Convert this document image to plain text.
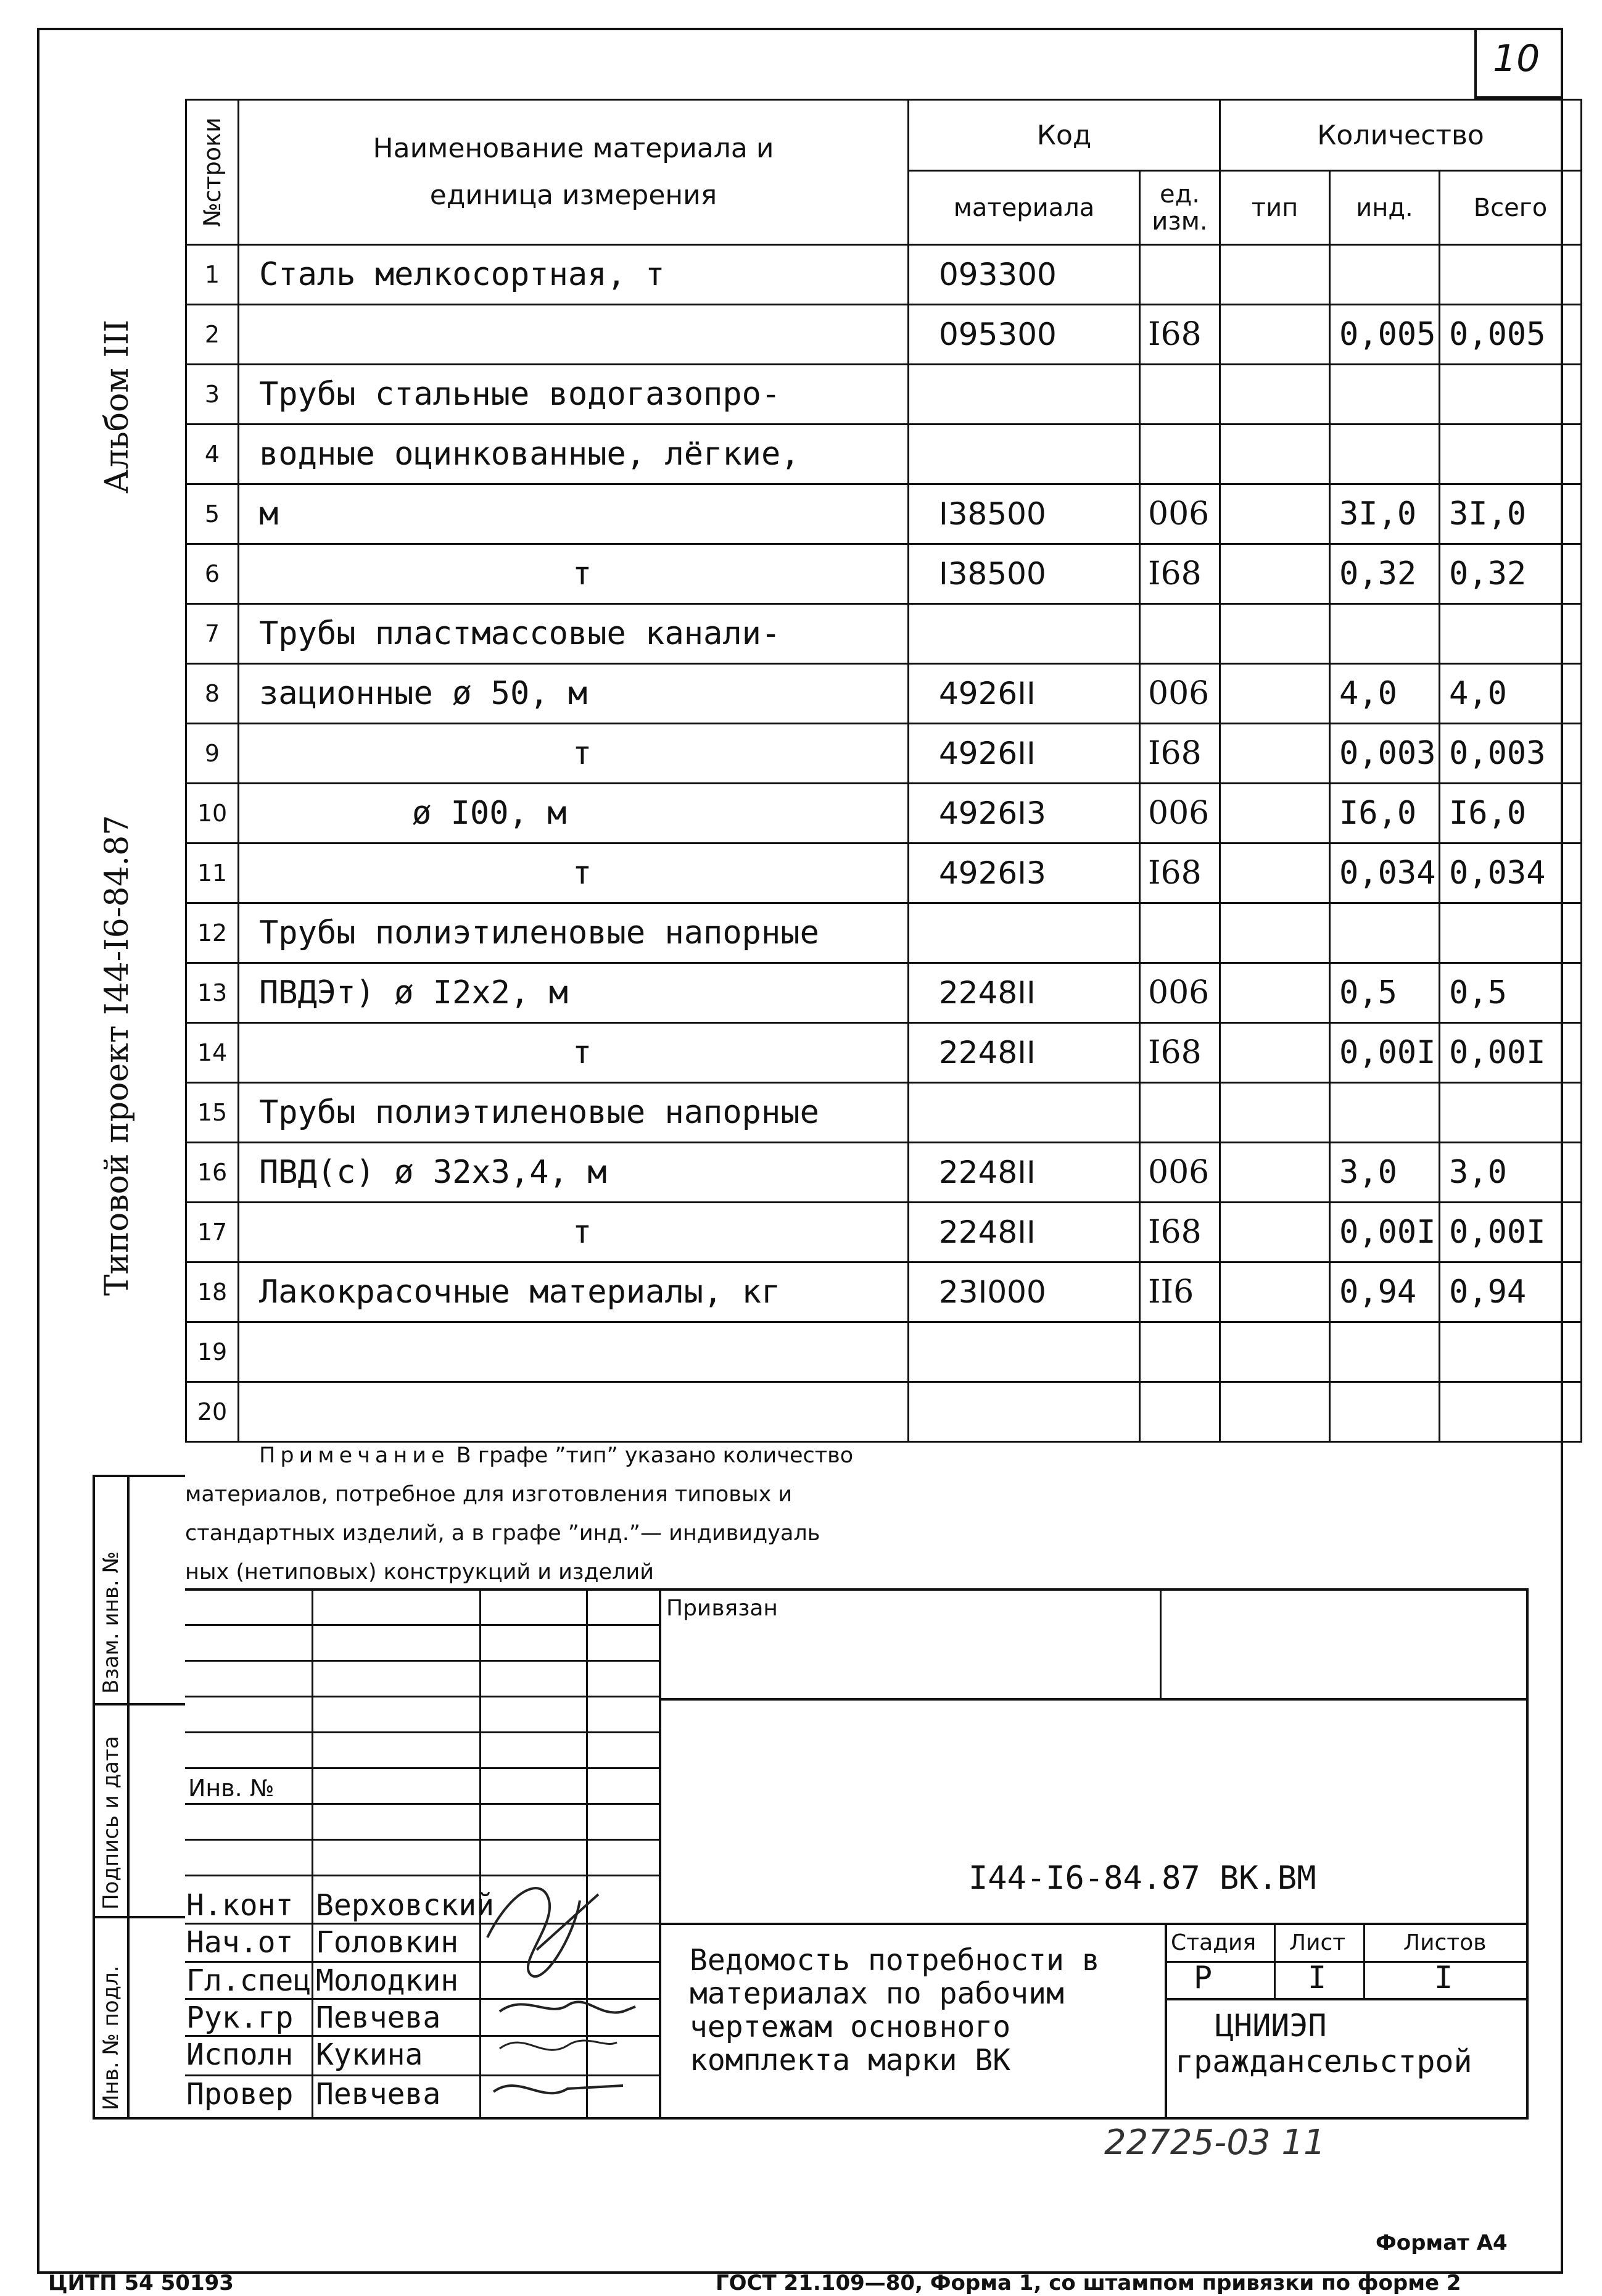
10
Альбом III
Типовой проект I44-I6-84.87
№строки	Наименование материала и единица измерения	Код		Количество		
		материала	ед. изм.	тип	инд.	Всего
1	Сталь мелкосортная, т	093300				
2		095300	I68		0,005	0,005
3	Трубы стальные водогазопро-					
4	водные оцинкованные, лёгкие,					
5	м	I38500	006		3I,0	3I,0
6	т	I38500	I68		0,32	0,32
7	Трубы пластмассовые канали-					
8	зационные ø 50, м	4926II	006		4,0	4,0
9	т	4926II	I68		0,003	0,003
10	ø I00, м	4926I3	006		I6,0	I6,0
11	т	4926I3	I68		0,034	0,034
12	Трубы полиэтиленовые напорные					
13	ПВДЭт) ø I2x2, м	2248II	006		0,5	0,5
14	т	2248II	I68		0,00I	0,00I
15	Трубы полиэтиленовые напорные					
16	ПВД(с) ø 32х3,4, м	2248II	006		3,0	3,0
17	т	2248II	I68		0,00I	0,00I
18	Лакокрасочные материалы, кг	23I000	II6		0,94	0,94
19						
20						
Примечание В графе ”тип” указано количество
материалов, потребное для изготовления типовых и
стандартных изделий, а в графе ”инд.”— индивидуаль
ных (нетиповых) конструкций и изделий
Взам. инв. №
Подпись и дата
Инв. № подл.
Привязан
Инв. №
I44-I6-84.87 ВК.ВМ
Н.конт Верховский
Нач.от Головкин
Гл.спец Молодкин
Рук.гр Певчева
Исполн Кукина
Провер Певчева
Ведомость потребности в
материалах по рабочим
чертежам основного
комплекта марки ВК
Стадия Лист	Листов
Р	I	I
ЦНИИЭП
граждансельстрой
22725-03 11
Формат А4
ЦИТП 54 50193	ГОСТ 21.109—80, Форма 1, со штампом привязки по форме 2
